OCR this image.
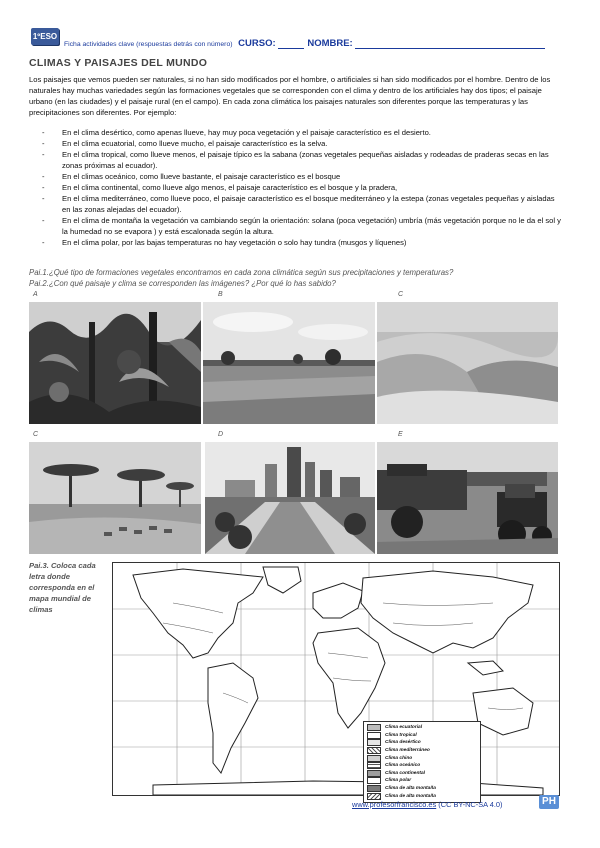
1ºESO
Ficha actividades clave (respuestas detrás con número) CURSO:	NOMBRE:
CLIMAS Y PAISAJES DEL MUNDO
Los paisajes que vemos pueden ser naturales, si no han sido modificados por el hombre, o artificiales si han sido modificados por el hombre. Dentro de los naturales hay muchas variedades según las formaciones vegetales que se corresponden con el clima y dentro de los artificiales hay dos tipos; el paisaje urbano (en las ciudades) y el paisaje rural (en el campo). En cada zona climática los paisajes naturales son diferentes porque las temperaturas y las precipitaciones son diferentes. Por ejemplo:
- En el clima desértico, como apenas llueve, hay muy poca vegetación y el paisaje característico es el desierto.
- En el clima ecuatorial, como llueve mucho, el paisaje característico es la selva.
- En el clima tropical, como llueve menos, el paisaje típico es la sabana (zonas vegetales pequeñas aisladas y rodeadas de praderas secas en las zonas próximas al ecuador).
- En el climas oceánico, como llueve bastante, el paisaje característico es el bosque
- En el clima continental, como llueve algo menos, el paisaje característico es el bosque y la pradera,
- En el clima mediterráneo, como llueve poco, el paisaje característico es el bosque mediterráneo y la estepa (zonas vegetales pequeñas y aisladas en las zonas alejadas del ecuador).
- En el clima de montaña la vegetación va cambiando según la orientación: solana (poca vegetación) umbría (más vegetación porque no le da el sol y la humedad no se evapora ) y está escalonada según la altura.
- En el clima polar, por las bajas temperaturas no hay vegetación o solo hay tundra (musgos y líquenes)
Pai.1.¿Qué tipo de formaciones vegetales encontramos en cada zona climática según sus precipitaciones y temperaturas?
Pai.2.¿Con qué paisaje y clima se corresponden las imágenes? ¿Por qué lo has sabido?
A	B	C
C	D	E
Pai.3. Coloca cada letra donde corresponda en el mapa mundial de climas
Clima ecuatorial
Clima tropical
Clima desértico
Clima mediterráneo
Clima chino
Clima oceánico
Clima continental
Clima polar
Clima de alta montaña
Clima de alta montaña
www.profesorfrancisco.es (CC BY-NC-SA 4.0)	PH
